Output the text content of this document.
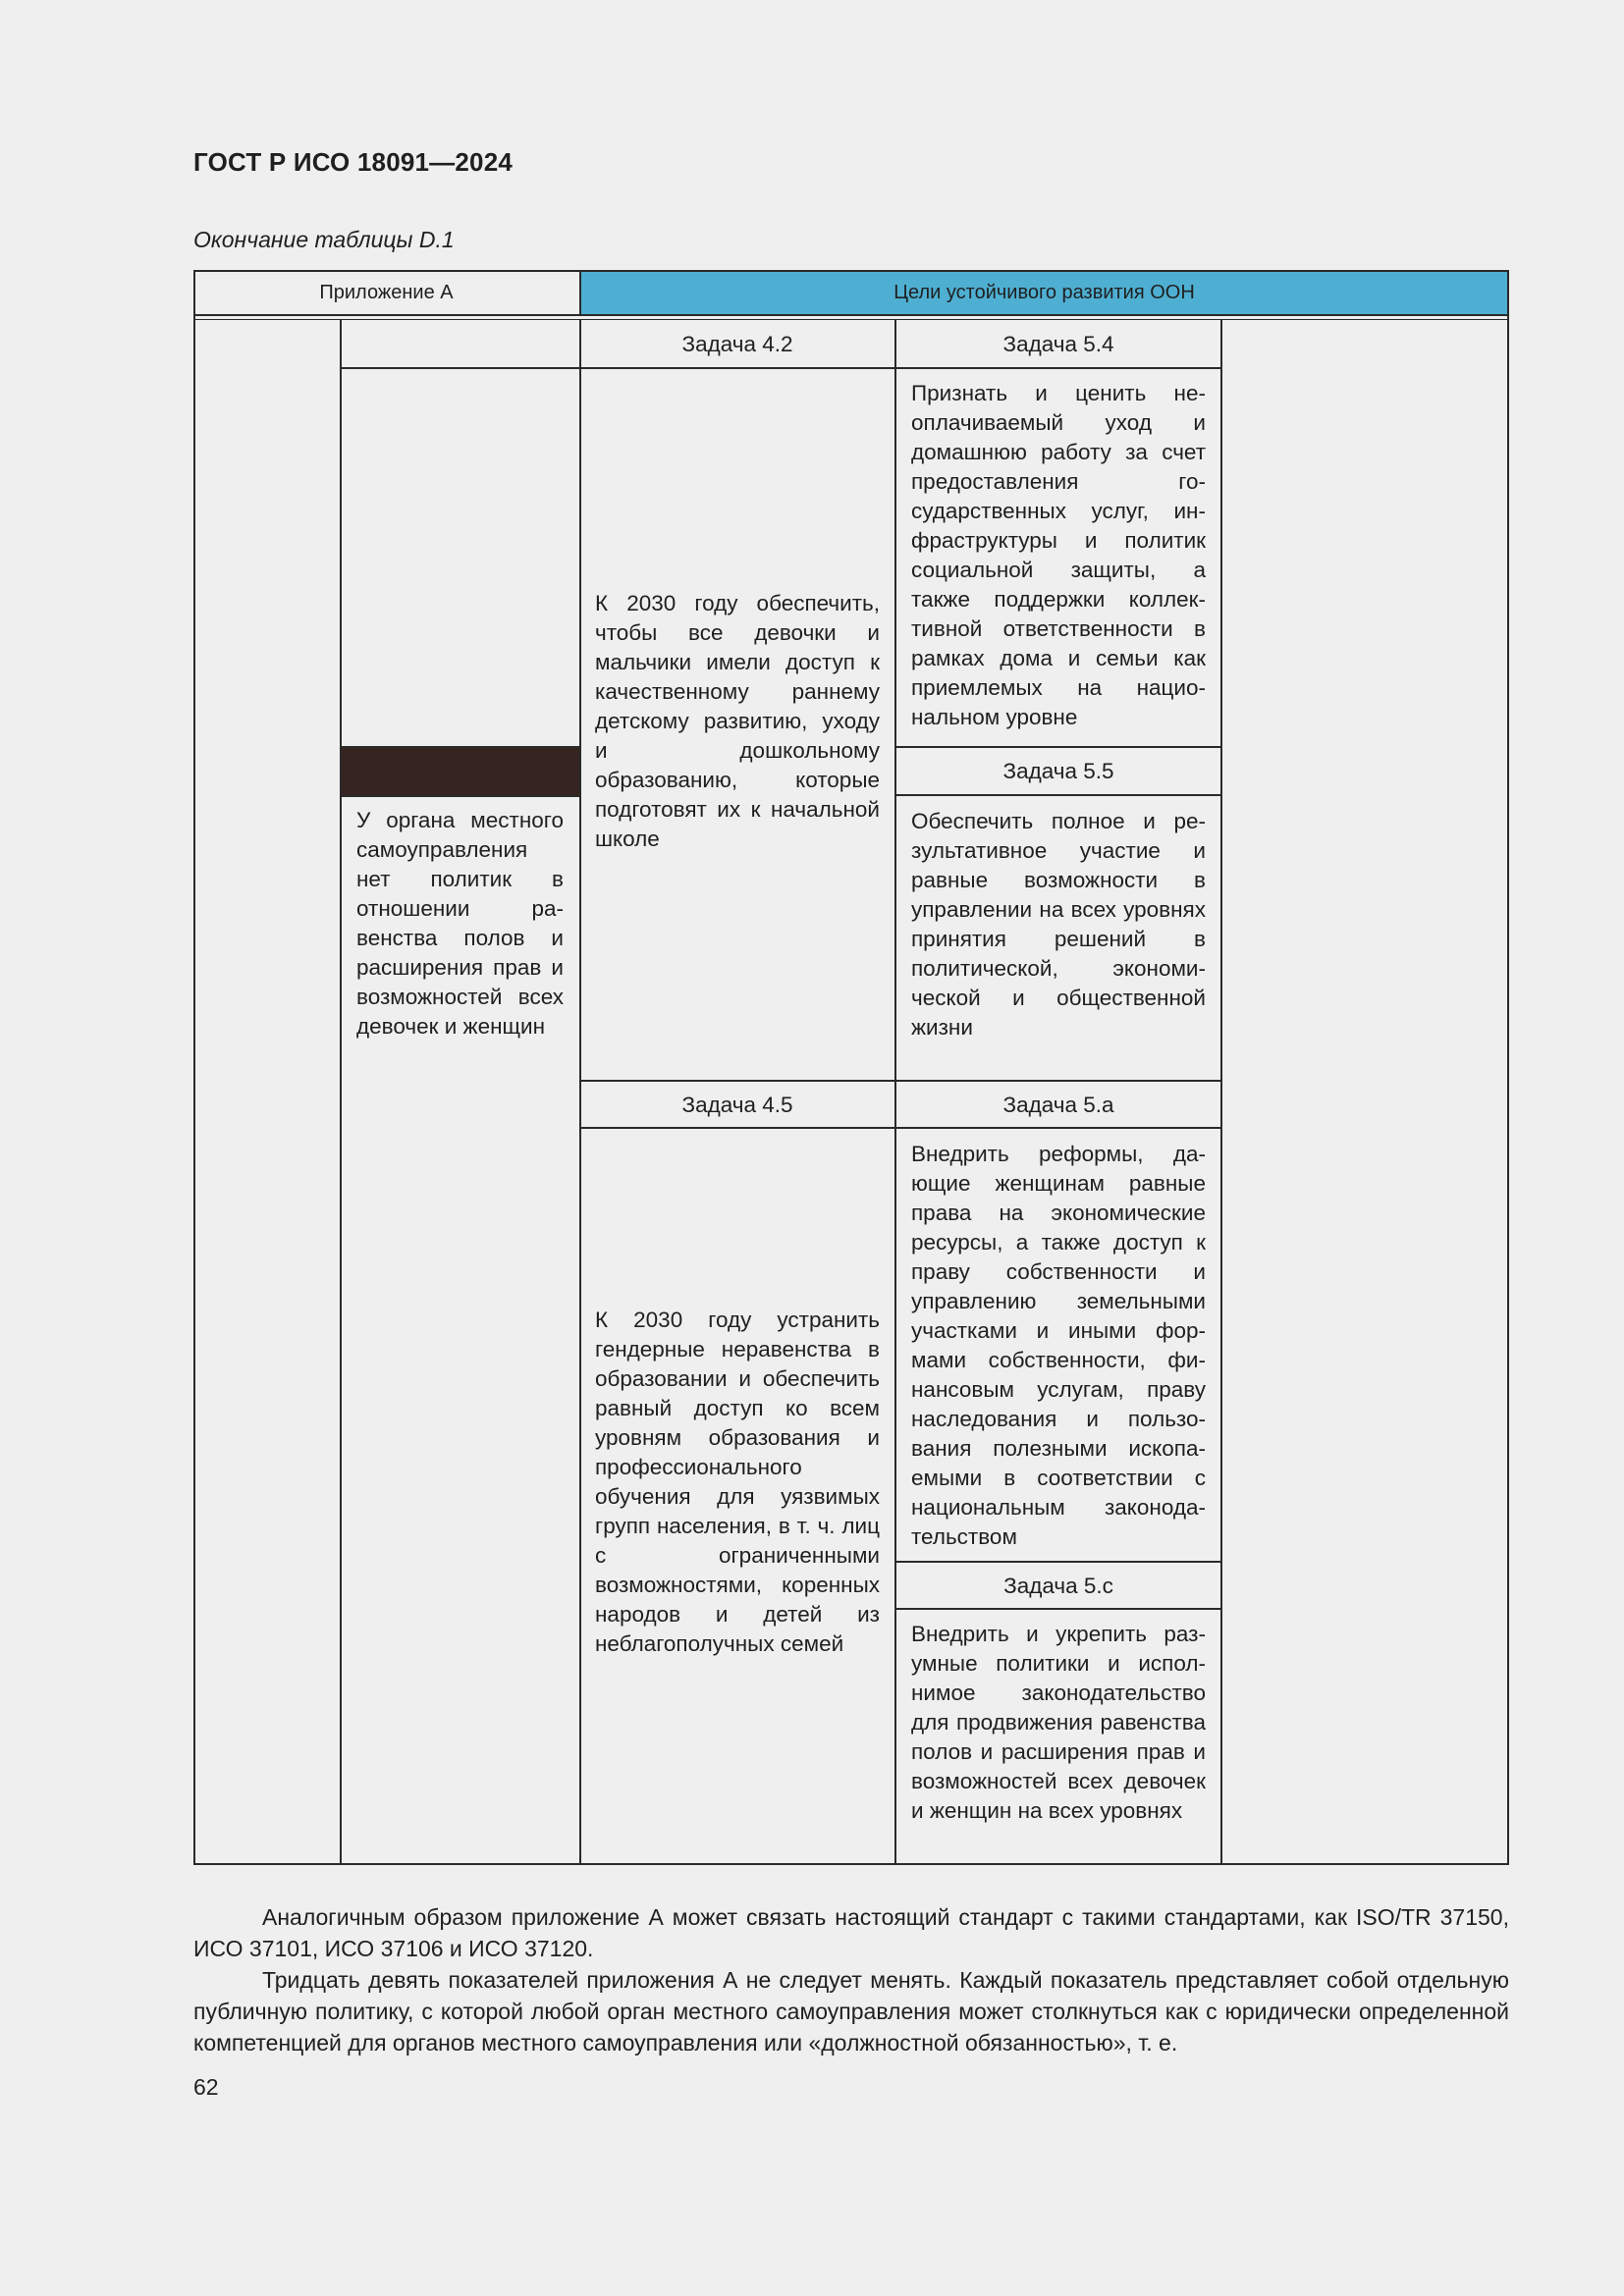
ГОСТ Р ИСО 18091—2024

Окончание таблицы D.1

Приложение А	Цели устойчивого развития ООН
У органа местного самоуправления нет политик в отношении равенства полов и расширения прав и возможностей всех девочек и женщин
Задача 4.2
К 2030 году обеспечить, чтобы все девочки и мальчики имели доступ к качественному раннему детскому развитию, уходу и дошкольному образованию, которые подготовят их к начальной школе
Задача 5.4
Признать и ценить неоплачиваемый уход и домашнюю работу за счет предоставления государственных услуг, инфраструктуры и политик социальной защиты, а также поддержки коллективной ответственности в рамках дома и семьи как приемлемых на национальном уровне
Задача 5.5
Обеспечить полное и результативное участие и равные возможности в управлении на всех уровнях принятия решений в политической, экономической и общественной жизни
Задача 4.5
К 2030 году устранить гендерные неравенства в образовании и обеспечить равный доступ ко всем уровням образования и профессионального обучения для уязвимых групп населения, в т. ч. лиц с ограниченными возможностями, коренных народов и детей из неблагополучных семей
Задача 5.a
Внедрить реформы, дающие женщинам равные права на экономические ресурсы, а также доступ к праву собственности и управлению земельными участками и иными формами собственности, финансовым услугам, праву наследования и пользования полезными ископаемыми в соответствии с национальным законодательством
Задача 5.c
Внедрить и укрепить разумные политики и исполнимое законодательство для продвижения равенства полов и расширения прав и возможностей всех девочек и женщин на всех уровнях
Аналогичным образом приложение А может связать настоящий стандарт с такими стандартами, как ISO/TR 37150, ИСО 37101, ИСО 37106 и ИСО 37120.
Тридцать девять показателей приложения А не следует менять. Каждый показатель представляет собой отдельную публичную политику, с которой любой орган местного самоуправления может столкнуться как с юридически определенной компетенцией для органов местного самоуправления или «должностной обязанностью», т. е.

62
